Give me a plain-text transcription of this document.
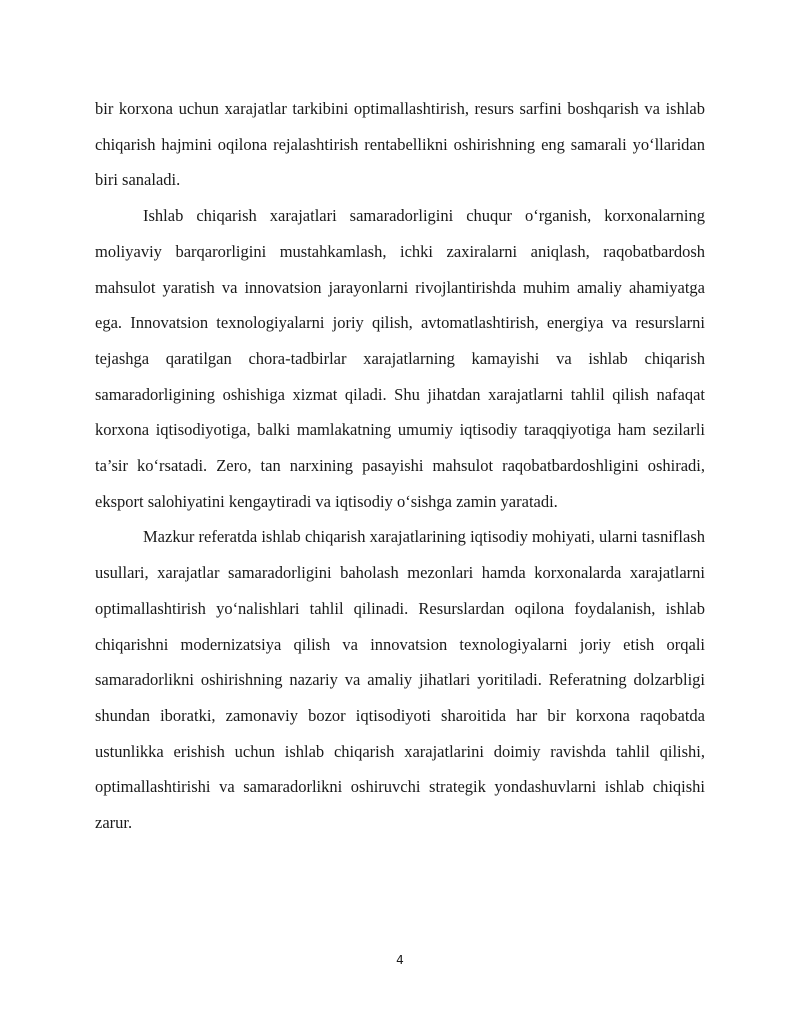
bir korxona uchun xarajatlar tarkibini optimallashtirish, resurs sarfini boshqarish va ishlab chiqarish hajmini oqilona rejalashtirish rentabellikni oshirishning eng samarali yo‘llaridan biri sanaladi.

Ishlab chiqarish xarajatlari samaradorligini chuqur o‘rganish, korxonalarning moliyaviy barqarorligini mustahkamlash, ichki zaxiralarni aniqlash, raqobatbardosh mahsulot yaratish va innovatsion jarayonlarni rivojlantirishda muhim amaliy ahamiyatga ega. Innovatsion texnologiyalarni joriy qilish, avtomatlashtirish, energiya va resurslarni tejashga qaratilgan chora-tadbirlar xarajatlarning kamayishi va ishlab chiqarish samaradorligining oshishiga xizmat qiladi. Shu jihatdan xarajatlarni tahlil qilish nafaqat korxona iqtisodiyotiga, balki mamlakatning umumiy iqtisodiy taraqqiyotiga ham sezilarli ta’sir ko‘rsatadi. Zero, tan narxining pasayishi mahsulot raqobatbardoshligini oshiradi, eksport salohiyatini kengaytiradi va iqtisodiy o‘sishga zamin yaratadi.

Mazkur referatda ishlab chiqarish xarajatlarining iqtisodiy mohiyati, ularni tasniflash usullari, xarajatlar samaradorligini baholash mezonlari hamda korxonalarda xarajatlarni optimallashtirish yo‘nalishlari tahlil qilinadi. Resurslardan oqilona foydalanish, ishlab chiqarishni modernizatsiya qilish va innovatsion texnologiyalarni joriy etish orqali samaradorlikni oshirishning nazariy va amaliy jihatlari yoritiladi. Referatning dolzarbligi shundan iboratki, zamonaviy bozor iqtisodiyoti sharoitida har bir korxona raqobatda ustunlikka erishish uchun ishlab chiqarish xarajatlarini doimiy ravishda tahlil qilishi, optimallashtirishi va samaradorlikni oshiruvchi strategik yondashuvlarni ishlab chiqishi zarur.

4
